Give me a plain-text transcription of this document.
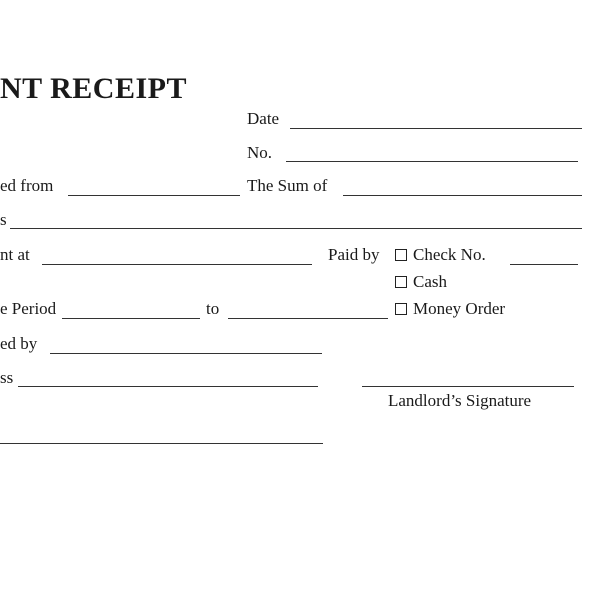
NT RECEIPT
Date
No.
ed from	The Sum of
s
nt at	Paid by	Check No.
Cash
Money Order
e Period	to
ed by
ss
Landlord’s Signature
